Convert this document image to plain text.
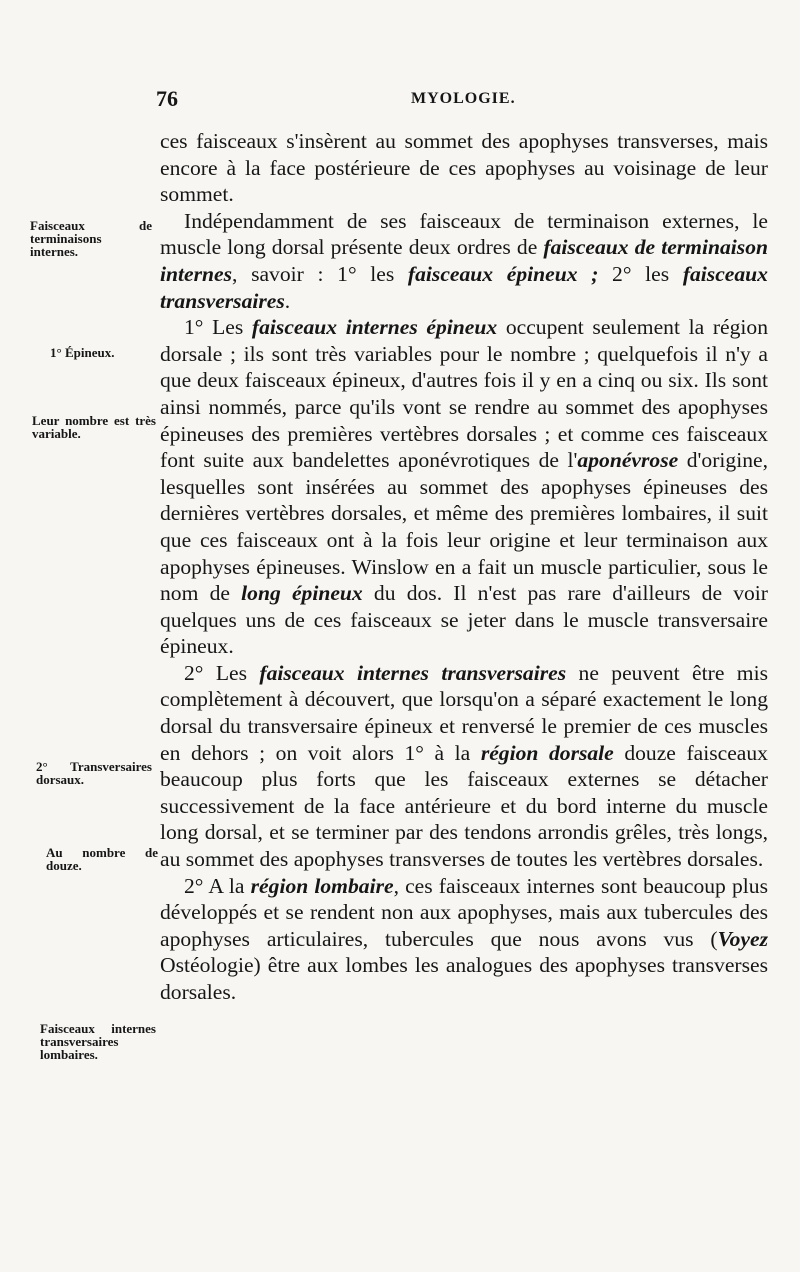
76	MYOLOGIE.
Faisceaux de terminaisons internes.
1° Épineux.
Leur nombre est très variable.
2° Transversaires dorsaux.
Au nombre de douze.
Faisceaux internes transversaires lombaires.

ces faisceaux s'insèrent au sommet des apophyses transverses, mais encore à la face postérieure de ces apophyses au voisinage de leur sommet.

Indépendamment de ses faisceaux de terminaison externes, le muscle long dorsal présente deux ordres de faisceaux de terminaison internes, savoir : 1° les faisceaux épineux ; 2° les faisceaux transversaires.

1° Les faisceaux internes épineux occupent seulement la région dorsale ; ils sont très variables pour le nombre ; quelquefois il n'y a que deux faisceaux épineux, d'autres fois il y en a cinq ou six. Ils sont ainsi nommés, parce qu'ils vont se rendre au sommet des apophyses épineuses des premières vertèbres dorsales ; et comme ces faisceaux font suite aux bandelettes aponévrotiques de l'aponévrose d'origine, lesquelles sont insérées au sommet des apophyses épineuses des dernières vertèbres dorsales, et même des premières lombaires, il suit que ces faisceaux ont à la fois leur origine et leur terminaison aux apophyses épineuses. Winslow en a fait un muscle particulier, sous le nom de long épineux du dos. Il n'est pas rare d'ailleurs de voir quelques uns de ces faisceaux se jeter dans le muscle transversaire épineux.

2° Les faisceaux internes transversaires ne peuvent être mis complètement à découvert, que lorsqu'on a séparé exactement le long dorsal du transversaire épineux et renversé le premier de ces muscles en dehors ; on voit alors 1° à la région dorsale douze faisceaux beaucoup plus forts que les faisceaux externes se détacher successivement de la face antérieure et du bord interne du muscle long dorsal, et se terminer par des tendons arrondis grêles, très longs, au sommet des apophyses transverses de toutes les vertèbres dorsales.

2° A la région lombaire, ces faisceaux internes sont beaucoup plus développés et se rendent non aux apophyses, mais aux tubercules des apophyses articulaires, tubercules que nous avons vus (Voyez Ostéologie) être aux lombes les analogues des apophyses transverses dorsales.
